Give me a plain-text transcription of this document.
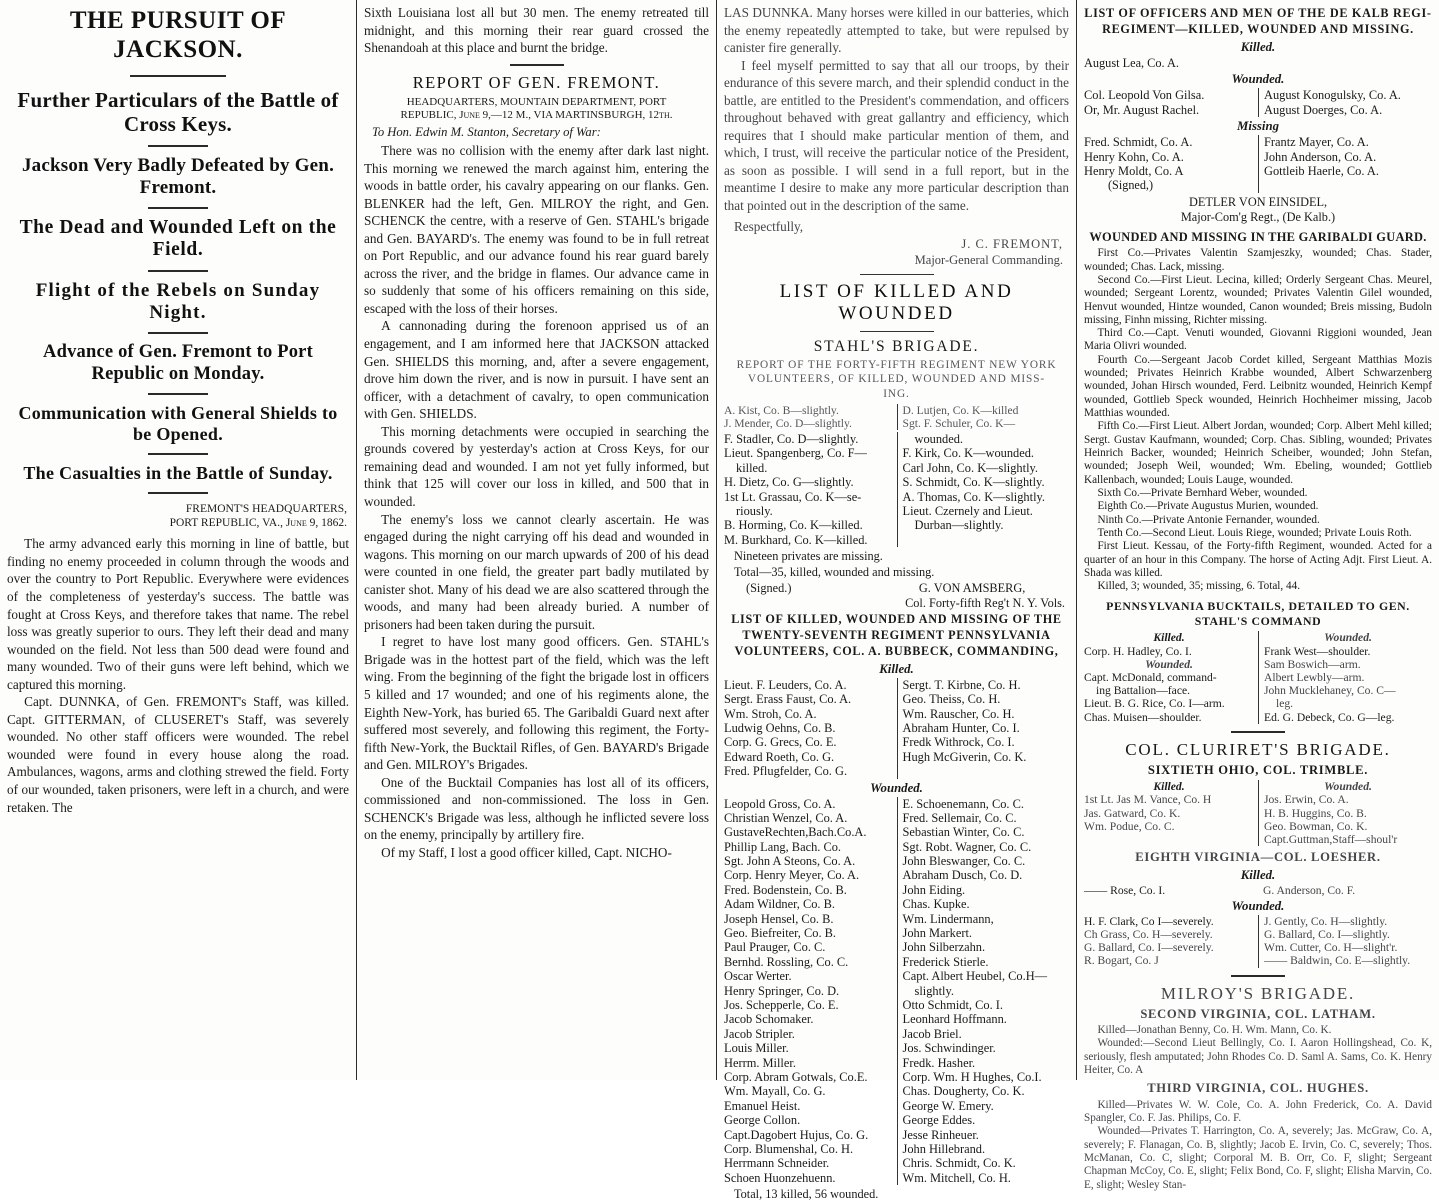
THE PURSUIT OF JACKSON.
Further Particulars of the Battle of Cross Keys.
Jackson Very Badly Defeated by Gen. Fremont.
The Dead and Wounded Left on the Field.
Flight of the Rebels on Sunday Night.
Advance of Gen. Fremont to Port Republic on Monday.
Communication with General Shields to be Opened.
The Casualties in the Battle of Sunday.
FREMONT'S HEADQUARTERS,
PORT REPUBLIC, VA., June 9, 1862.

The army advanced early this morning in line of battle, but finding no enemy proceeded in column through the woods and over the country to Port Republic. Everywhere were evidences of the completeness of yesterday's success. The battle was fought at Cross Keys, and therefore takes that name. The rebel loss was greatly superior to ours. They left their dead and many wounded on the field. Not less than 500 dead were found and many wounded. Two of their guns were left behind, which we captured this morning.

Capt. DUNNKA, of Gen. FREMONT's Staff, was killed. Capt. GITTERMAN, of CLUSERET's Staff, was severely wounded. No other staff officers were wounded. The rebel wounded were found in every house along the road. Ambulances, wagons, arms and clothing strewed the field. Forty of our wounded, taken prisoners, were left in a church, and were retaken. The

Sixth Louisiana lost all but 30 men. The enemy retreated till midnight, and this morning their rear guard crossed the Shenandoah at this place and burnt the bridge.

REPORT OF GEN. FREMONT.
HEADQUARTERS, MOUNTAIN DEPARTMENT, PORT
REPUBLIC, June 9,—12 M., VIA MARTINSBURGH, 12th.
To Hon. Edwin M. Stanton, Secretary of War:

There was no collision with the enemy after dark last night. This morning we renewed the march against him, entering the woods in battle order, his cavalry appearing on our flanks. Gen. BLENKER had the left, Gen. MILROY the right, and Gen. SCHENCK the centre, with a reserve of Gen. STAHL's brigade and Gen. BAYARD's. The enemy was found to be in full retreat on Port Republic, and our advance found his rear guard barely across the river, and the bridge in flames. Our advance came in so suddenly that some of his officers remaining on this side, escaped with the loss of their horses.

A cannonading during the forenoon apprised us of an engagement, and I am informed here that JACKSON attacked Gen. SHIELDS this morning, and, after a severe engagement, drove him down the river, and is now in pursuit. I have sent an officer, with a detachment of cavalry, to open communication with Gen. SHIELDS.

This morning detachments were occupied in searching the grounds covered by yesterday's action at Cross Keys, for our remaining dead and wounded. I am not yet fully informed, but think that 125 will cover our loss in killed, and 500 that in wounded.

The enemy's loss we cannot clearly ascertain. He was engaged during the night carrying off his dead and wounded in wagons. This morning on our march upwards of 200 of his dead were counted in one field, the greater part badly mutilated by canister shot. Many of his dead we are also scattered through the woods, and many had been already buried. A number of prisoners had been taken during the pursuit.

I regret to have lost many good officers. Gen. STAHL's Brigade was in the hottest part of the field, which was the left wing. From the beginning of the fight the brigade lost in officers 5 killed and 17 wounded; and one of his regiments alone, the Eighth New-York, has buried 65. The Garibaldi Guard next after suffered most severely, and following this regiment, the Forty-fifth New-York, the Bucktail Rifles, of Gen. BAYARD's Brigade and Gen. MILROY's Brigades.

One of the Bucktail Companies has lost all of its officers, commissioned and non-commissioned. The loss in Gen. SCHENCK's Brigade was less, although he inflicted severe loss on the enemy, principally by artillery fire.

Of my Staff, I lost a good officer killed, Capt. NICHO-

LAS DUNNKA. Many horses were killed in our batteries, which the enemy repeatedly attempted to take, but were repulsed by canister fire generally.

I feel myself permitted to say that all our troops, by their endurance of this severe march, and their splendid conduct in the battle, are entitled to the President's commendation, and officers throughout behaved with great gallantry and efficiency, which requires that I should make particular mention of them, and which, I trust, will receive the particular notice of the President, as soon as possible. I will send in a full report, but in the meantime I desire to make any more particular description than that pointed out in the description of the same.

Respectfully,

J. C. FREMONT,
Major-General Commanding.
LIST OF KILLED AND WOUNDED
STAHL'S BRIGADE.
REPORT OF THE FORTY-FIFTH REGIMENT NEW YORK
VOLUNTEERS, OF KILLED, WOUNDED AND MISS-
ING.
A. Kist, Co. B—slightly.
J. Mender, Co. D—slightly.
D. Lutjen, Co. K—killed
Sgt. F. Schuler, Co. K—
F. Stadler, Co. D—slightly.
Lieut. Spangenberg, Co. F—
killed.
H. Dietz, Co. G—slightly.
1st Lt. Grassau, Co. K—se-
riously.
B. Horming, Co. K—killed.
M. Burkhard, Co. K—killed.
wounded.
F. Kirk, Co. K—wounded.
Carl John, Co. K—slightly.
S. Schmidt, Co. K—slightly.
A. Thomas, Co. K—slightly.
Lieut. Czernely and Lieut.
Durban—slightly.
Nineteen privates are missing.
Total—35, killed, wounded and missing.
(Signed.)	G. VON AMSBERG,
Col. Forty-fifth Reg't N. Y. Vols.
LIST OF KILLED, WOUNDED AND MISSING OF THE
TWENTY-SEVENTH REGIMENT PENNSYLVANIA
VOLUNTEERS, COL. A. BUBBECK, COMMANDING,
Killed.
Lieut. F. Leuders, Co. A.
Sergt. Erass Faust, Co. A.
Wm. Stroh, Co. A.
Ludwig Oehns, Co. B.
Corp. G. Grecs, Co. E.
Edward Roeth, Co. G.
Fred. Pflugfelder, Co. G.
Sergt. T. Kirbne, Co. H.
Geo. Theiss, Co. H.
Wm. Rauscher, Co. H.
Abraham Hunter, Co. I.
Fredk Withrock, Co. I.
Hugh McGiverin, Co. K.
Wounded.
Leopold Gross, Co. A.
Christian Wenzel, Co. A.
GustaveRechten,Bach.Co.A.
Phillip Lang, Bach. Co.
Sgt. John A Steons, Co. A.
Corp. Henry Meyer, Co. A.
Fred. Bodenstein, Co. B.
Adam Wildner, Co. B.
Joseph Hensel, Co. B.
Geo. Biefreiter, Co. B.
Paul Prauger, Co. C.
Bernhd. Rossling, Co. C.
Oscar Werter.
Henry Springer, Co. D.
Jos. Schepperle, Co. E.
Jacob Schomaker.
Jacob Stripler.
Louis Miller.
Herrm. Miller.
Corp. Abram Gotwals, Co.E.
Wm. Mayall, Co. G.
Emanuel Heist.
George Collon.
Capt.Dagobert Hujus, Co. G.
Corp. Blumenshal, Co. H.
Herrmann Schneider.
Schoen Huonzehuenn.
E. Schoenemann, Co. C.
Fred. Sellemair, Co. C.
Sebastian Winter, Co. C.
Sgt. Robt. Wagner, Co. C.
John Bleswanger, Co. C.
Abraham Dusch, Co. D.
John Eiding.
Chas. Kupke.
Wm. Lindermann,
John Markert.
John Silberzahn.
Frederick Stierle.
Capt. Albert Heubel, Co.H—
slightly.
Otto Schmidt, Co. I.
Leonhard Hoffmann.
Jacob Briel.
Jos. Schwindinger.
Fredk. Hasher.
Corp. Wm. H Hughes, Co.I.
Chas. Dougherty, Co. K.
George W. Emery.
George Eddes.
Jesse Rinheuer.
John Hillebrand.
Chris. Schmidt, Co. K.
Wm. Mitchell, Co. H.
Total, 13 killed, 56 wounded.
LIST OF OFFICERS AND MEN OF THE DE KALB REGI-
REGIMENT—KILLED, WOUNDED AND MISSING.
Killed.
August Lea, Co. A.
Wounded.
Col. Leopold Von Gilsa.
Or, Mr. August Rachel.
August Konogulsky, Co. A.
August Doerges, Co. A.
Missing
Fred. Schmidt, Co. A.
Henry Kohn, Co. A.
Henry Moldt, Co. A
(Signed,)
Frantz Mayer, Co. A.
John Anderson, Co. A.
Gottleib Haerle, Co. A.
DETLER VON EINSIDEL,
Major-Com'g Regt., (De Kalb.)
WOUNDED AND MISSING IN THE GARIBALDI GUARD.

First Co.—Privates Valentin Szamjeszky, wounded; Chas. Stader, wounded; Chas. Lack, missing.

Second Co.—First Lieut. Lecina, killed; Orderly Sergeant Chas. Meurel, wounded; Sergeant Lorentz, wounded; Privates Valentin Gilel wounded, Henvut wounded, Hintze wounded, Canon wounded; Breis missing, Budoln missing, Finhn missing, Richter missing.

Third Co.—Capt. Venuti wounded, Giovanni Riggioni wounded, Jean Maria Olivri wounded.

Fourth Co.—Sergeant Jacob Cordet killed, Sergeant Matthias Mozis wounded; Privates Heinrich Krabbe wounded, Albert Schwarzenberg wounded, Johan Hirsch wounded, Ferd. Leibnitz wounded, Heinrich Kempf wounded, Gottlieb Speck wounded, Heinrich Hochheimer missing, Jacob Matthias wounded.

Fifth Co.—First Lieut. Albert Jordan, wounded; Corp. Albert Mehl killed; Sergt. Gustav Kaufmann, wounded; Corp. Chas. Sibling, wounded; Privates Heinrich Backer, wounded; Heinrich Scheiber, wounded; John Stefan, wounded; Joseph Weil, wounded; Wm. Ebeling, wounded; Gottlieb Kallenbach, wounded; Louis Lauge, wounded.

Sixth Co.—Private Bernhard Weber, wounded.

Eighth Co.—Private Augustus Murien, wounded.

Ninth Co.—Private Antonie Fernander, wounded.

Tenth Co.—Second Lieut. Louis Riege, wounded; Private Louis Roth.

First Lieut. Kessau, of the Forty-fifth Regiment, wounded. Acted for a quarter of an hour in this Company. The horse of Acting Adjt. First Lieut. A. Shada was killed.

Killed, 3; wounded, 35; missing, 6. Total, 44.

PENNSYLVANIA BUCKTAILS, DETAILED TO GEN.
STAHL'S COMMAND
Killed.
Corp. H. Hadley, Co. I.
Wounded.
Capt. McDonald, command-
ing Battalion—face.
Lieut. B. G. Rice, Co. I—arm.
Chas. Muisen—shoulder.
Wounded.
Frank West—shoulder.
Sam Boswich—arm.
Albert Lewbly—arm.
John Mucklehaney, Co. C—
leg.
Ed. G. Debeck, Co. G—leg.
COL. CLURIRET'S BRIGADE.
SIXTIETH OHIO, COL. TRIMBLE.
Killed.
1st Lt. Jas M. Vance, Co. H
Jas. Gatward, Co. K.
Wm. Podue, Co. C.
Wounded.
Jos. Erwin, Co. A.
H. B. Huggins, Co. B.
Geo. Bowman, Co. K.
Capt.Guttman,Staff—shoul'r
EIGHTH VIRGINIA—COL. LOESHER.
Killed.
—— Rose, Co. I.	G. Anderson, Co. F.
Wounded.
H. F. Clark, Co I—severely.
Ch Grass, Co. H—severely.
G. Ballard, Co. I—severely.
R. Bogart, Co. J
J. Gently, Co. H—slightly.
G. Ballard, Co. I—slightly.
Wm. Cutter, Co. H—slight'r.
—— Baldwin, Co. E—slightly.
MILROY'S BRIGADE.
SECOND VIRGINIA, COL. LATHAM.

Killed—Jonathan Benny, Co. H. Wm. Mann, Co. K.

Wounded:—Second Lieut Bellingly, Co. I. Aaron Hollingshead, Co. K, seriously, flesh amputated; John Rhodes Co. D. Saml A. Sams, Co. K. Henry Heiter, Co. A

THIRD VIRGINIA, COL. HUGHES.

Killed—Privates W. W. Cole, Co. A. John Frederick, Co. A. David Spangler, Co. F. Jas. Philips, Co. F.

Wounded—Privates T. Harrington, Co. A, severely; Jas. McGraw, Co. A, severely; F. Flanagan, Co. B, slightly; Jacob E. Irvin, Co. C, severely; Thos. McManan, Co. C, slight; Corporal M. B. Orr, Co. F, slight; Sergeant Chapman McCoy, Co. E, slight; Felix Bond, Co. F, slight; Elisha Marvin, Co. E, slight; Wesley Stan-
